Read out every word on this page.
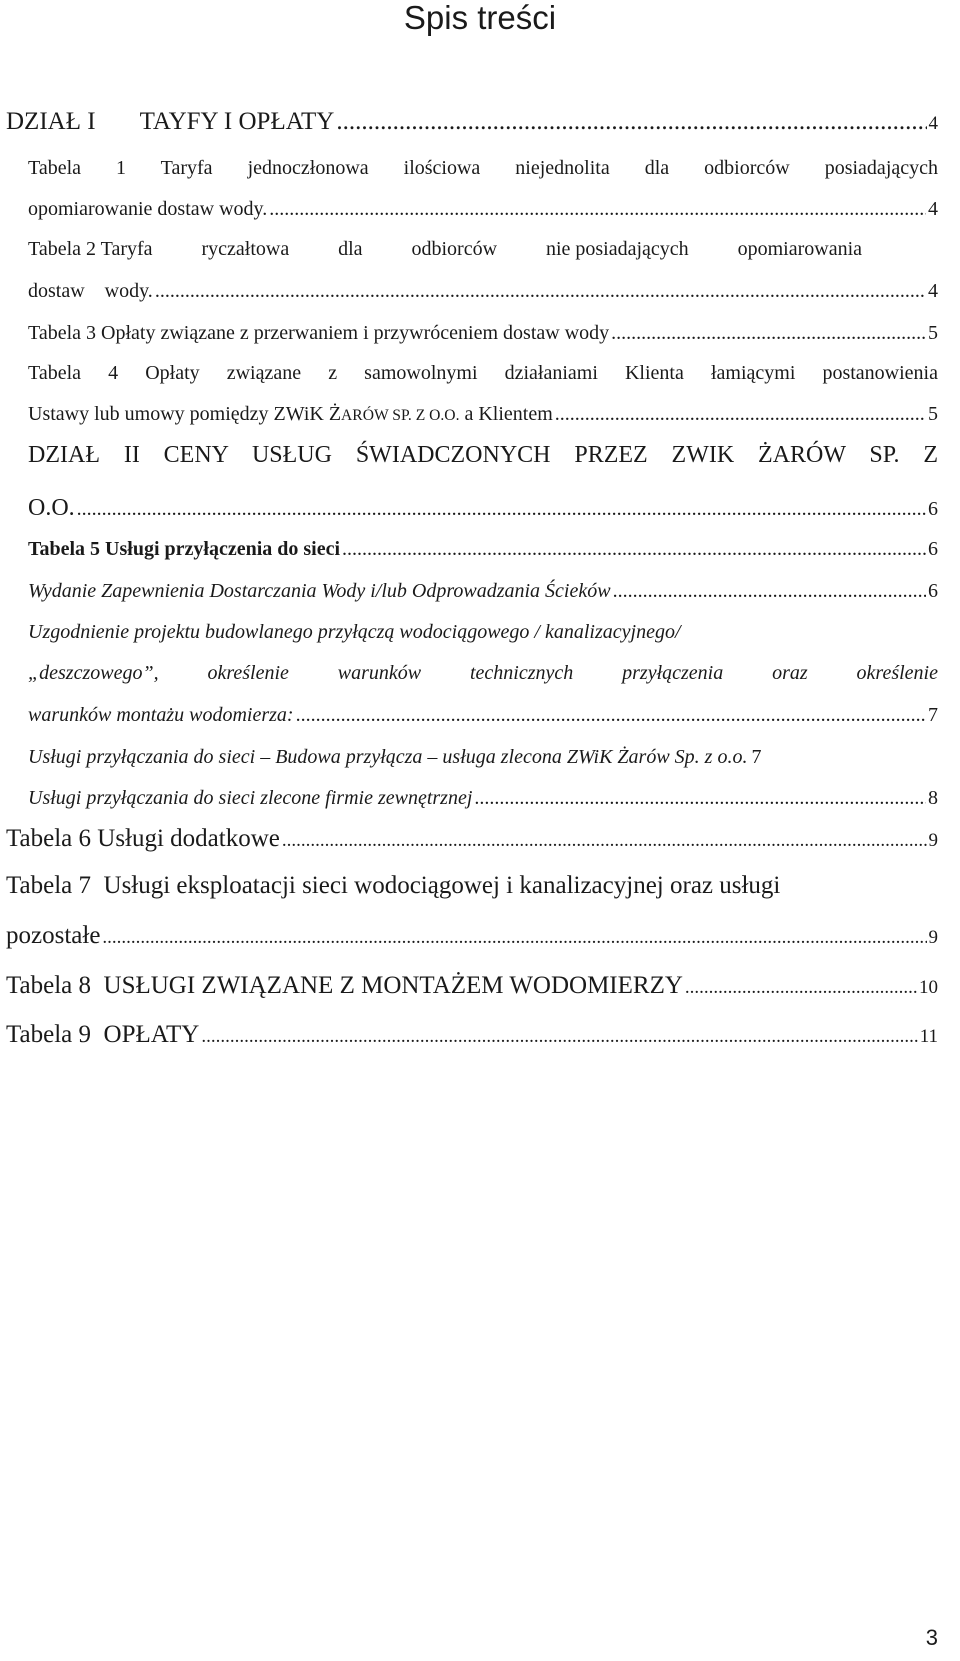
Spis treści
DZIAŁ I TAYFY I OPŁATY .....	4
Tabela 1 Taryfa jednoczłonowa ilościowa niejednolita dla odbiorców posiadających
opomiarowanie dostaw wody. .....	4
Tabela 2 Taryfa ryczałtowa dla odbiorców nie posiadających opomiarowania
dostaw    wody. .....	4
Tabela 3 Opłaty związane z przerwaniem i przywróceniem dostaw wody .....	5
Tabela 4 Opłaty związane z samowolnymi działaniami Klienta łamiącymi postanowienia
Ustawy lub umowy pomiędzy ZWiK ŻARÓW SP. Z O.O. a Klientem .....	5
DZIAŁ II CENY USŁUG ŚWIADCZONYCH PRZEZ ZWIK ŻARÓW SP. Z
O.O. .....	6
Tabela 5 Usługi przyłączenia do sieci .....	6
Wydanie Zapewnienia Dostarczania Wody i/lub Odprowadzania Ścieków .....	6
Uzgodnienie projektu budowlanego przyłączą wodociągowego / kanalizacyjnego/
„deszczowego”, określenie warunków technicznych przyłączenia oraz określenie
warunków montażu wodomierza: .....	7
Usługi przyłączania do sieci – Budowa przyłącza – usługa zlecona ZWiK Żarów Sp. z o.o. 7
Usługi przyłączania do sieci zlecone firmie zewnętrznej .....	8
Tabela 6 Usługi dodatkowe .....	9
Tabela 7  Usługi eksploatacji sieci wodociągowej i kanalizacyjnej oraz usługi
pozostałe .....	9
Tabela 8  USŁUGI ZWIĄZANE Z MONTAŻEM WODOMIERZY .....	10
Tabela 9  OPŁATY .....	11
3
